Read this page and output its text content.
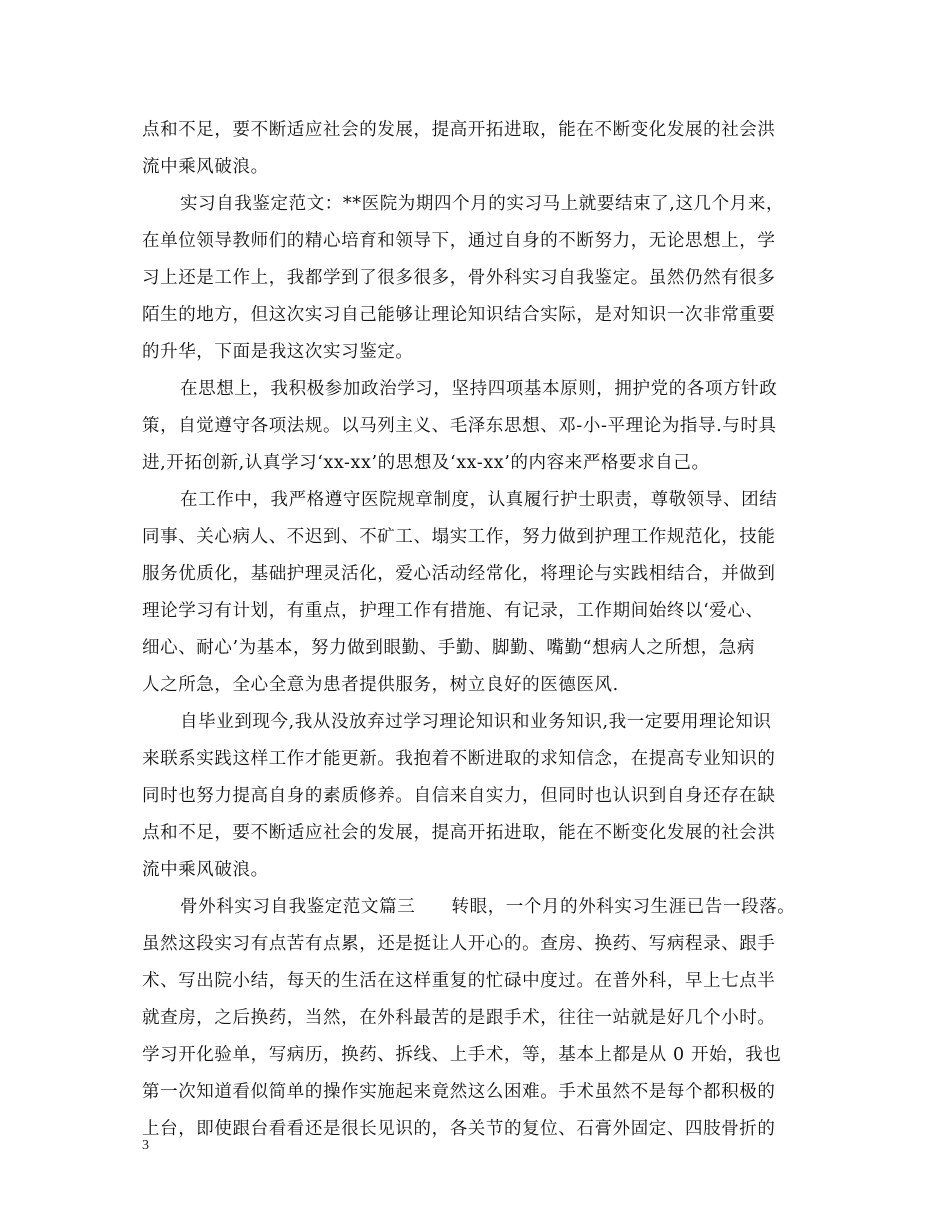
点和不足，要不断适应社会的发展，提高开拓进取，能在不断变化发展的社会洪
流中乘风破浪。
实习自我鉴定范文：**医院为期四个月的实习马上就要结束了,这几个月来，
在单位领导教师们的精心培育和领导下，通过自身的不断努力，无论思想上，学
习上还是工作上，我都学到了很多很多，骨外科实习自我鉴定。虽然仍然有很多
陌生的地方，但这次实习自己能够让理论知识结合实际，是对知识一次非常重要
的升华，下面是我这次实习鉴定。
在思想上，我积极参加政治学习，坚持四项基本原则，拥护党的各项方针政
策，自觉遵守各项法规。以马列主义、毛泽东思想、邓-小-平理论为指导.与时具
进,开拓创新,认真学习‘xx-xx’的思想及‘xx-xx’的内容来严格要求自己。
在工作中，我严格遵守医院规章制度，认真履行护士职责，尊敬领导、团结
同事、关心病人、不迟到、不矿工、塌实工作，努力做到护理工作规范化，技能
服务优质化，基础护理灵活化，爱心活动经常化，将理论与实践相结合，并做到
理论学习有计划，有重点，护理工作有措施、有记录，工作期间始终以‘爱心、
细心、耐心’为基本，努力做到眼勤、手勤、脚勤、嘴勤“想病人之所想，急病
人之所急，全心全意为患者提供服务，树立良好的医德医风.
自毕业到现今,我从没放弃过学习理论知识和业务知识,我一定要用理论知识
来联系实践这样工作才能更新。我抱着不断进取的求知信念，在提高专业知识的
同时也努力提高自身的素质修养。自信来自实力，但同时也认识到自身还存在缺
点和不足，要不断适应社会的发展，提高开拓进取，能在不断变化发展的社会洪
流中乘风破浪。
骨外科实习自我鉴定范文篇三　　转眼，一个月的外科实习生涯已告一段落。
虽然这段实习有点苦有点累，还是挺让人开心的。查房、换药、写病程录、跟手
术、写出院小结，每天的生活在这样重复的忙碌中度过。在普外科，早上七点半
就查房，之后换药，当然，在外科最苦的是跟手术，往往一站就是好几个小时。
学习开化验单，写病历，换药、拆线、上手术，等，基本上都是从 0 开始，我也
第一次知道看似简单的操作实施起来竟然这么困难。手术虽然不是每个都积极的
上台，即使跟台看看还是很长见识的，各关节的复位、石膏外固定、四肢骨折的
3
